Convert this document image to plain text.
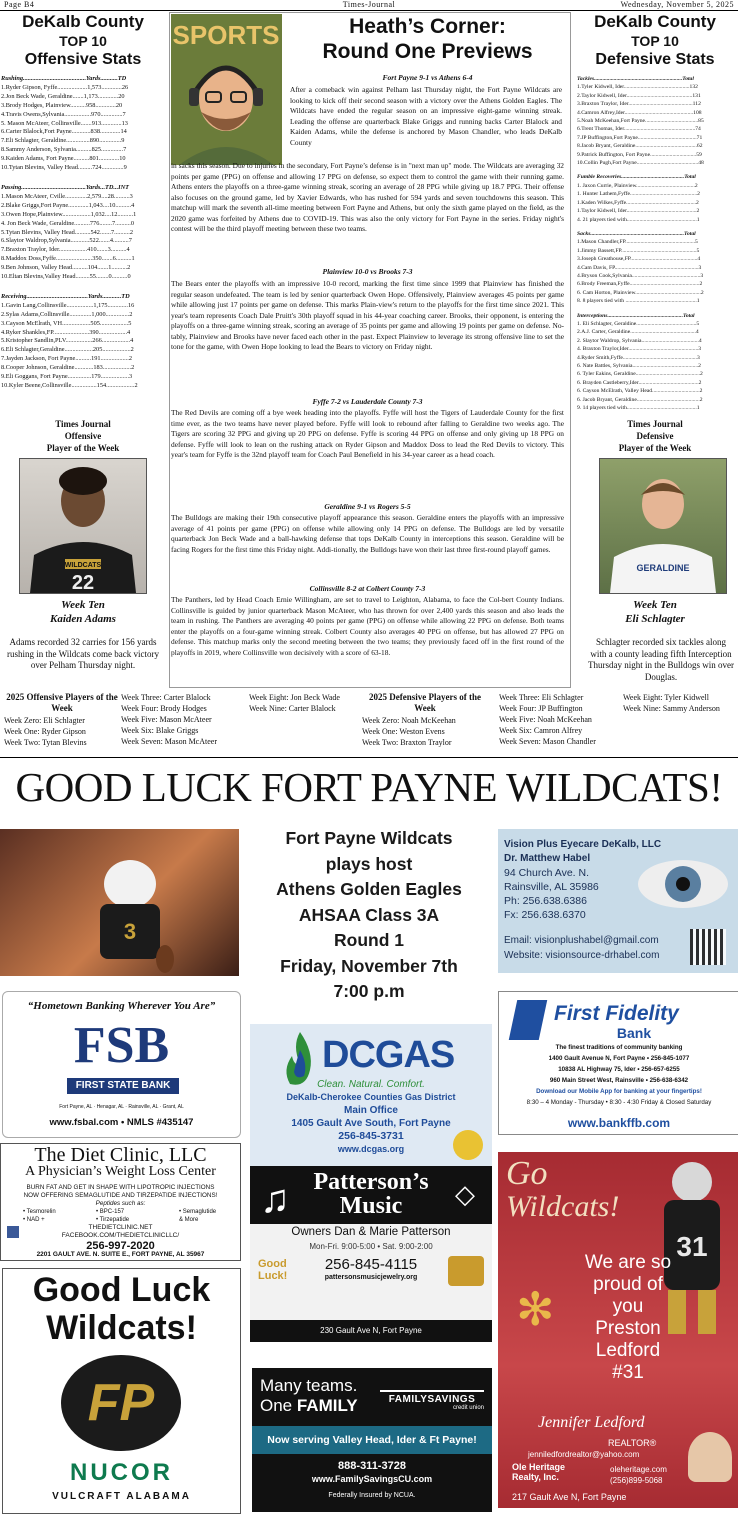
Page B4	Times-Journal	Wednesday, November 5, 2025
DeKalb County
TOP 10
Offensive Stats
Rushing........................................Yards...........TD
1.Ryder Gipson, Fyffe...................1,573.............26
2.Jon Beck Wade, Geraldine.......1,173.............20
3.Brody Hodges, Plainview..........958.............20
4.Travis Owens,Sylvania.................970..............7
5. Mason McAteer, Collinsville.......913.............13
6.Carter Blalock,Fort Payne............838.............14
7.Eli Schlagter, Geraldine...............890..............9
8.Sammy Anderson, Sylvania..........825..............7
9.Kaiden Adams, Fort Payne..........801.............10
10.Tytan Blevins, Valley Head.........724..............9
Passing.........................................Yards...TD...INT
1.Mason McAteer, Cville..............2,579....28..........3
2.Blake Griggs,Fort Payne.............1,043....10..........4
3.Owen Hope,Plainview..................1,032....12..........1
4. Jon Beck Wade, Geraldine..........776........7..........0
5.Tytan Blevins, Valley Head..........542.......7..........2
6.Slaytor Waldrop,Sylvania............522.......4..........7
7.Braxton Traylor, Ider..................410.......3..........4
8.Maddox Doss,Fyffe.......................350.......6..........1
9.Ben Johnson, Valley Head..........104.......1..........2
10.Eltan Blevins,Valley Head.........55........0..........0
Receiving.......................................Yards............TD
1.Gavin Lang,Collinsville.................1,175.............16
2.Sylas Adams,Collinsville..............1,000...............2
3.Cayson McElrath, VH..................505..................5
4.Ryker Shankles,FP.......................390..................4
5.Kristopher Sandlin,PLV.................266..................4
6.Eli Schlagter,Geraldine..................205..................2
7.Jayden Jackson, Fort Payne..........191..................2
8.Cooper Johnson, Geraldine............183..................2
9.Eli Goggans, Fort Payne...............179..................3
10.Kyler Beene,Collinsville................154..................2
Times Journal
Offensive
Player of the Week
WILDCATS
22
Week Ten
Kaiden Adams
Adams recorded 32 carries for 156 yards rushing in the Wildcats come back victory over Pelham Thursday night.
SPORTS	Heath’s Corner:
Round One Previews
Fort Payne 9-1 vs Athens 6-4
After a comeback win against Pelham last Thursday night, the Fort Payne Wildcats are looking to kick off their second season with a victory over the Athens Golden Eagles. The Wildcats have ended the regular season on an impressive eight-game winning streak. Leading the offense are quarterback Blake Griggs and running backs Carter Blalock and Kaiden Adams, while the defense is anchored by Mason Chandler, who leads DeKalb County
in sacks this season. Due to injuries in the secondary, Fort Payne’s defense is in "next man up" mode. The Wildcats are averaging 32 points per game (PPG) on offense and allowing 17 PPG on defense, so expect them to control the game with their running game. Athens enters the playoffs on a three-game winning streak, scoring an average of 28 PPG while giving up 18.7 PPG. Their offense also focuses on the ground game, led by Xavier Edwards, who has rushed for 594 yards and seven touchdowns this season. This matchup will mark the seventh all-time meeting between Fort Payne and Athens, but only the sixth game played on the field, as the 2020 game was forfeited by Athens due to COVID-19. This was also the only victory for Fort Payne in the series. Friday night's contest will be the third playoff meeting between these two teams.
Plainview 10-0 vs Brooks 7-3
The Bears enter the playoffs with an impressive 10-0 record, marking the first time since 1999 that Plainview has finished the regular season undefeated. The team is led by senior quarterback Owen Hope. Offensively, Plainview averages 45 points per game while allowing just 17 points per game on defense. This marks Plain-view's return to the playoffs for the first time since 2021. This year's team represents Coach Dale Pruitt's 30th playoff squad in his 44-year coaching career. Brooks, their opponent, is entering the playoffs on a three-game winning streak, scoring an average of 35 points per game and allowing 19 points per game on defense. No-tably, Plainview and Brooks have never faced each other in the past. Expect Plainview to leverage its strong offensive line to set the tone for the game, with Owen Hope looking to lead the Bears to victory on Friday night.
Fyffe 7-2 vs Lauderdale County 7-3
The Red Devils are coming off a bye week heading into the playoffs. Fyffe will host the Tigers of Lauderdale County for the first time ever, as the two teams have never played before. Fyffe will look to rebound after falling to Geraldine two weeks ago. The Tigers are scoring 32 PPG and giving up 20 PPG on defense. Fyffe is scoring 44 PPG on offense and only giving up 18 PPG on defense. Fyffe will look to lean on the rushing attack on Ryder Gipson and Maddox Doss to lead the Red Devils to victory. This year's team for Fyffe is the 32nd playoff team for Coach Paul Benefield in his 34-year career as a head coach.
Geraldine 9-1 vs Rogers 5-5
The Bulldogs are making their 19th consecutive playoff appearance this season. Geraldine enters the playoffs with an impressive average of 41 points per game (PPG) on offense while allowing only 14 PPG on defense. The Bulldogs are led by versatile quarterback Jon Beck Wade and a ball-hawking defense that tops DeKalb County in interceptions this season. Geraldine will be facing Rogers for the first time this Friday night. Addi-tionally, the Bulldogs have won their last three first-round playoff games.
Collinsville 8-2 at Colbert County 7-3
The Panthers, led by Head Coach Ernie Willingham, are set to travel to Leighton, Alabama, to face the Col-bert County Indians. Collinsville is guided by junior quarterback Mason McAteer, who has thrown for over 2,400 yards this season and also leads the team in rushing. The Panthers are averaging 40 points per game (PPG) on offense while allowing 22 PPG on defense. Both teams enter the playoffs on a four-game winning streak. Colbert County also averages 40 PPG on offense, but has allowed 27 PPG on defense. This matchup marks only the second meeting between the two teams; they previously faced off in the first round of the playoffs in 2019, where Collinsville won decisively with a score of 63-18.
DeKalb County
TOP 10
Defensive Stats
Tackles...............................................................Total
1.Tyler Kidwell, Ider...............................................132
2.Taylor Kidwell, Ider...............................................131
3.Braxton Traylor, Ider..............................................112
4.Camron Alfrey,Ider.................................................108
5.Noah McKeehan,Fort Payne......................................85
6.Trent Thomas, Ider...................................................74
7.JP Buffington,Fort Payne..........................................71
8.Jacob Bryant, Geraldine............................................62
9.Patrick Buffington, Fort Payne.................................59
10.Collin Pugh,Fort Payne............................................48
Fumble Recoveries.............................................Total
1. Jaxon Currie, Plainview..........................................2
1. Hunter Lathem,Fyffe................................................2
1.Kaden Wilkes,Fyffe..................................................2
1.Taylor Kidwell, Ider..................................................2
4. 21 players tied with..................................................1
Sacks...................................................................Total
1.Mason Chandler,FP..................................................5
1.Jimmy Bassett,FP......................................................5
3.Joseph Greathouse,FP................................................4
4.Cam Davis, FP............................................................3
4.Bryson Cook,Sylvania.................................................3
6.Brody Freeman,Fyffe..................................................2
6. Cam Horton, Plainview...............................................2
8. 8 players tied with ...................................................1
Interceptions......................................................Total
1. Eli Schlagter, Geraldine...........................................5
2.A.J. Carter, Geraldine...............................................4
2. Slaytor Waldrop, Sylvania.........................................4
4. Braxton Traylor,Ider..................................................3
4.Ryder Smith,Fyffe.....................................................3
6. Nate Battles, Sylvania...............................................2
6. Tyler Eakins, Geraldine..............................................2
6. Brayden Castleberry,Ider...........................................2
6. Cayson McElrath, Valley Head..................................2
6. Jacob Bryant, Geraldine.............................................2
9. 14 players tied with..................................................1
Times Journal
Defensive
Player of the Week
GERALDINE
Week Ten
Eli Schlagter
Schlagter recorded six tackles along with a county leading fifth Interception Thursday night in the Bulldogs win over Douglas.
2025 Offensive Players of the Week
Week Zero: Eli Schlagter
Week One: Ryder Gipson
Week Two: Tytan Blevins
Week Three: Carter Blalock
Week Four: Brody Hodges
Week Five: Mason McAteer
Week Six: Blake Griggs
Week Seven: Mason McAteer
Week Eight: Jon Beck Wade
Week Nine: Carter Blalock
2025 Defensive Players of the Week
Week Zero: Noah McKeehan
Week One: Weston Evens
Week Two: Braxton Traylor
Week Three: Eli Schlagter
Week Four: JP Buffington
Week Five: Noah McKeehan
Week Six: Camron Alfrey
Week Seven: Mason Chandler
Week Eight: Tyler Kidwell
Week Nine: Sammy Anderson
GOOD LUCK FORT PAYNE WILDCATS!
3
Fort Payne Wildcats
plays host
Athens Golden Eagles
AHSAA Class 3A
Round 1
Friday, November 7th
7:00 p.m
Vision Plus Eyecare DeKalb, LLC
Dr. Matthew Habel
94 Church Ave. N.
Rainsville, AL 35986
Ph: 256.638.6386
Fx: 256.638.6370
Email: visionplushabel@gmail.com
Website: visionsource-drhabel.com
“Hometown Banking Wherever You Are”
FSB
FIRST STATE BANK
Fort Payne, AL · Henagar, AL · Rainsville, AL · Grant, AL
www.fsbal.com • NMLS #435147
First Fidelity
Bank
The finest traditions of community banking
1400 Gault Avenue N, Fort Payne • 256-845-1077
10838 AL Highway 75, Ider • 256-657-6255
960 Main Street West, Rainsville • 256-638-6342
Download our Mobile App for banking at your fingertips!
8:30 – 4 Monday - Thursday • 8:30 - 4:30 Friday & Closed Saturday
www.bankffb.com
DCGAS
Clean. Natural. Comfort.
DeKalb-Cherokee Counties Gas District
Main Office
1405 Gault Ave South, Fort Payne
256-845-3731
www.dcgas.org
The Diet Clinic, LLC
A Physician’s Weight Loss Center
BURN FAT AND GET IN SHAPE WITH LIPOTROPIC INJECTIONS
NOW OFFERING SEMAGLUTIDE AND TIRZEPATIDE INJECTIONS!
Peptides such as:
• Tesmorelin
• NAD +
• BPC-157
• Tirzepatide
• Semaglutide
& More
THEDIETCLINIC.NET
FACEBOOK.COM/THEDIETCLINICLLC/
256-997-2020
2201 GAULT AVE. N. SUITE E., FORT PAYNE, AL 35967
♫ Patterson’s
Music	◇
Owners Dan & Marie Patterson
Mon-Fri. 9:00-5:00 • Sat. 9:00-2:00
Good
Luck!
256-845-4115
pattersonsmusicjewelry.org
230 Gault Ave N, Fort Payne
Go
Wildcats!
31
We are so
proud of
you
Preston
Ledford
#31
✻
Jennifer Ledford
REALTOR®
jenniledfordrealtor@yahoo.com
Ole Heritage Realty, Inc.
oleheritage.com
(256)899-5068
217 Gault Ave N, Fort Payne
Good Luck
Wildcats!
FP
NUCOR
VULCRAFT ALABAMA
Many teams.
One FAMILY	FAMILYSAVINGS
credit union
Now serving Valley Head, Ider & Ft Payne!
888-311-3728
www.FamilySavingsCU.com
Federally Insured by NCUA.
